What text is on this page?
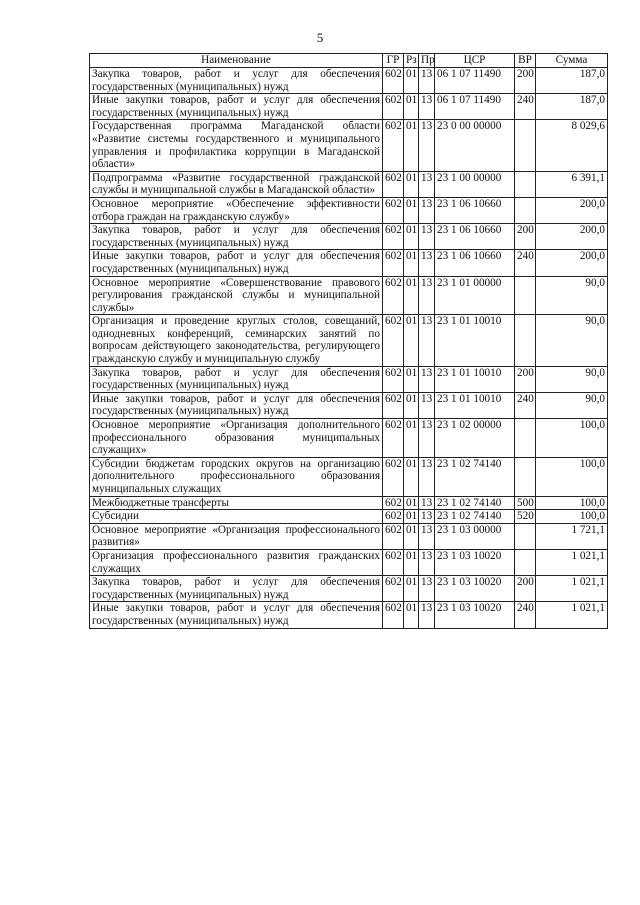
5
Наименование	ГР	Рз	Пр	ЦСР	ВР	Сумма
Закупка товаров, работ и услуг для обеспечения государственных (муниципальных) нужд	602	01	13	06 1 07 11490	200	187,0
Иные закупки товаров, работ и услуг для обеспечения государственных (муниципальных) нужд	602	01	13	06 1 07 11490	240	187,0
Государственная программа Магаданской области «Развитие системы государственного и муниципального управления и профилактика коррупции в Магаданской области»	602	01	13	23 0 00 00000		8 029,6
Подпрограмма «Развитие государственной гражданской службы и муниципальной службы в Магаданской области»	602	01	13	23 1 00 00000		6 391,1
Основное мероприятие «Обеспечение эффективности отбора граждан на гражданскую службу»	602	01	13	23 1 06 10660		200,0
Закупка товаров, работ и услуг для обеспечения государственных (муниципальных) нужд	602	01	13	23 1 06 10660	200	200,0
Иные закупки товаров, работ и услуг для обеспечения государственных (муниципальных) нужд	602	01	13	23 1 06 10660	240	200,0
Основное мероприятие «Совершенствование правового регулирования гражданской службы и муниципальной службы»	602	01	13	23 1 01 00000		90,0
Организация и проведение круглых столов, совещаний, однодневных конференций, семинарских занятий по вопросам действующего законодательства, регулирующего гражданскую службу и муниципальную службу	602	01	13	23 1 01 10010		90,0
Закупка товаров, работ и услуг для обеспечения государственных (муниципальных) нужд	602	01	13	23 1 01 10010	200	90,0
Иные закупки товаров, работ и услуг для обеспечения государственных (муниципальных) нужд	602	01	13	23 1 01 10010	240	90,0
Основное мероприятие «Организация дополнительного профессионального образования муниципальных служащих»	602	01	13	23 1 02 00000		100,0
Субсидии бюджетам городских округов на организацию дополнительного профессионального образования муниципальных служащих	602	01	13	23 1 02 74140		100,0
Межбюджетные трансферты	602	01	13	23 1 02 74140	500	100,0
Субсидии	602	01	13	23 1 02 74140	520	100,0
Основное мероприятие «Организация профессионального развития»	602	01	13	23 1 03 00000		1 721,1
Организация профессионального развития гражданских служащих	602	01	13	23 1 03 10020		1 021,1
Закупка товаров, работ и услуг для обеспечения государственных (муниципальных) нужд	602	01	13	23 1 03 10020	200	1 021,1
Иные закупки товаров, работ и услуг для обеспечения государственных (муниципальных) нужд	602	01	13	23 1 03 10020	240	1 021,1
